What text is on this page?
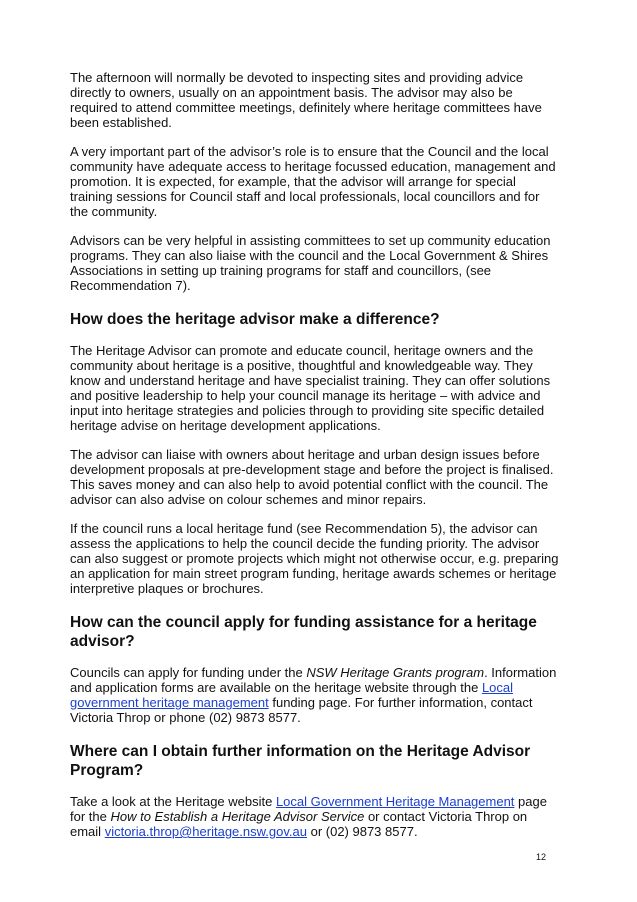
The afternoon will normally be devoted to inspecting sites and providing advice directly to owners, usually on an appointment basis. The advisor may also be required to attend committee meetings, definitely where heritage committees have been established.

A very important part of the advisor’s role is to ensure that the Council and the local community have adequate access to heritage focussed education, management and promotion. It is expected, for example, that the advisor will arrange for special training sessions for Council staff and local professionals, local councillors and for the community.

Advisors can be very helpful in assisting committees to set up community education programs. They can also liaise with the council and the Local Government & Shires Associations in setting up training programs for staff and councillors, (see Recommendation 7).

How does the heritage advisor make a difference?

The Heritage Advisor can promote and educate council, heritage owners and the community about heritage is a positive, thoughtful and knowledgeable way. They know and understand heritage and have specialist training. They can offer solutions and positive leadership to help your council manage its heritage – with advice and input into heritage strategies and policies through to providing site specific detailed heritage advise on heritage development applications.

The advisor can liaise with owners about heritage and urban design issues before development proposals at pre-development stage and before the project is finalised. This saves money and can also help to avoid potential conflict with the council. The advisor can also advise on colour schemes and minor repairs.

If the council runs a local heritage fund (see Recommendation 5), the advisor can assess the applications to help the council decide the funding priority. The advisor can also suggest or promote projects which might not otherwise occur, e.g. preparing an application for main street program funding, heritage awards schemes or heritage interpretive plaques or brochures.

How can the council apply for funding assistance for a heritage advisor?

Councils can apply for funding under the NSW Heritage Grants program. Information and application forms are available on the heritage website through the Local government heritage management funding page. For further information, contact Victoria Throp or phone (02) 9873 8577.

Where can I obtain further information on the Heritage Advisor Program?

Take a look at the Heritage website Local Government Heritage Management page for the How to Establish a Heritage Advisor Service or contact Victoria Throp on email victoria.throp@heritage.nsw.gov.au or (02) 9873 8577.

12
